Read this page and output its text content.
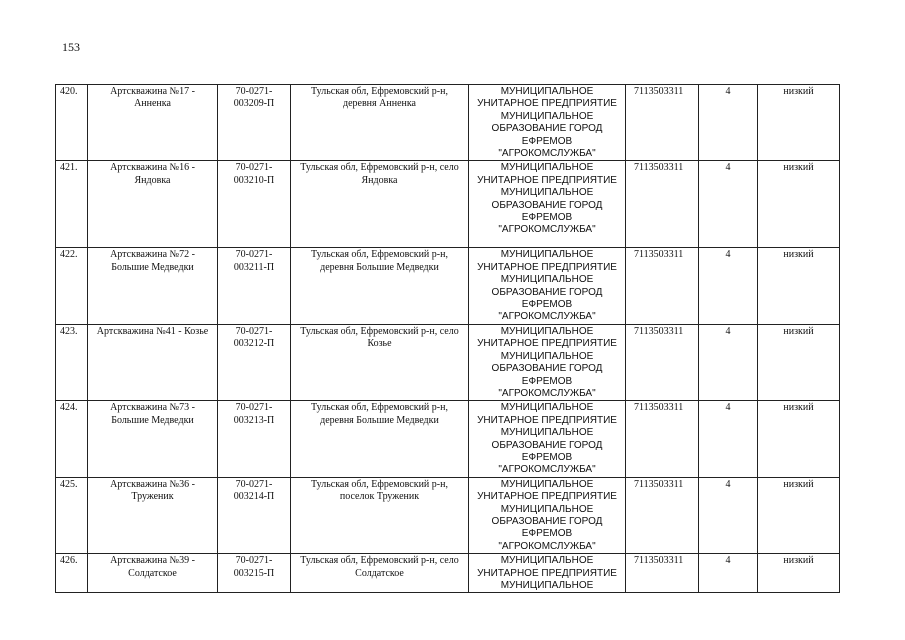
153
420.	Артскважина №17 - Анненка	70-0271-003209-П	Тульская обл, Ефремовский р-н, деревня Анненка	МУНИЦИПАЛЬНОЕ УНИТАРНОЕ ПРЕДПРИЯТИЕ МУНИЦИПАЛЬНОЕ ОБРАЗОВАНИЕ ГОРОД ЕФРЕМОВ "АГРОКОМСЛУЖБА"	7113503311	4	низкий
421.	Артскважина №16 - Яндовка	70-0271-003210-П	Тульская обл, Ефремовский р-н, село Яндовка	МУНИЦИПАЛЬНОЕ УНИТАРНОЕ ПРЕДПРИЯТИЕ МУНИЦИПАЛЬНОЕ ОБРАЗОВАНИЕ ГОРОД ЕФРЕМОВ "АГРОКОМСЛУЖБА"	7113503311	4	низкий
422.	Артскважина №72 - Большие Медведки	70-0271-003211-П	Тульская обл, Ефремовский р-н, деревня Большие Медведки	МУНИЦИПАЛЬНОЕ УНИТАРНОЕ ПРЕДПРИЯТИЕ МУНИЦИПАЛЬНОЕ ОБРАЗОВАНИЕ ГОРОД ЕФРЕМОВ "АГРОКОМСЛУЖБА"	7113503311	4	низкий
423.	Артскважина №41 - Козье	70-0271-003212-П	Тульская обл, Ефремовский р-н, село Козье	МУНИЦИПАЛЬНОЕ УНИТАРНОЕ ПРЕДПРИЯТИЕ МУНИЦИПАЛЬНОЕ ОБРАЗОВАНИЕ ГОРОД ЕФРЕМОВ "АГРОКОМСЛУЖБА"	7113503311	4	низкий
424.	Артскважина №73 - Большие Медведки	70-0271-003213-П	Тульская обл, Ефремовский р-н, деревня Большие Медведки	МУНИЦИПАЛЬНОЕ УНИТАРНОЕ ПРЕДПРИЯТИЕ МУНИЦИПАЛЬНОЕ ОБРАЗОВАНИЕ ГОРОД ЕФРЕМОВ "АГРОКОМСЛУЖБА"	7113503311	4	низкий
425.	Артскважина №36 - Труженик	70-0271-003214-П	Тульская обл, Ефремовский р-н, поселок Труженик	МУНИЦИПАЛЬНОЕ УНИТАРНОЕ ПРЕДПРИЯТИЕ МУНИЦИПАЛЬНОЕ ОБРАЗОВАНИЕ ГОРОД ЕФРЕМОВ "АГРОКОМСЛУЖБА"	7113503311	4	низкий
426.	Артскважина №39 - Солдатское	70-0271-003215-П	Тульская обл, Ефремовский р-н, село Солдатское	МУНИЦИПАЛЬНОЕ УНИТАРНОЕ ПРЕДПРИЯТИЕ МУНИЦИПАЛЬНОЕ	7113503311	4	низкий
